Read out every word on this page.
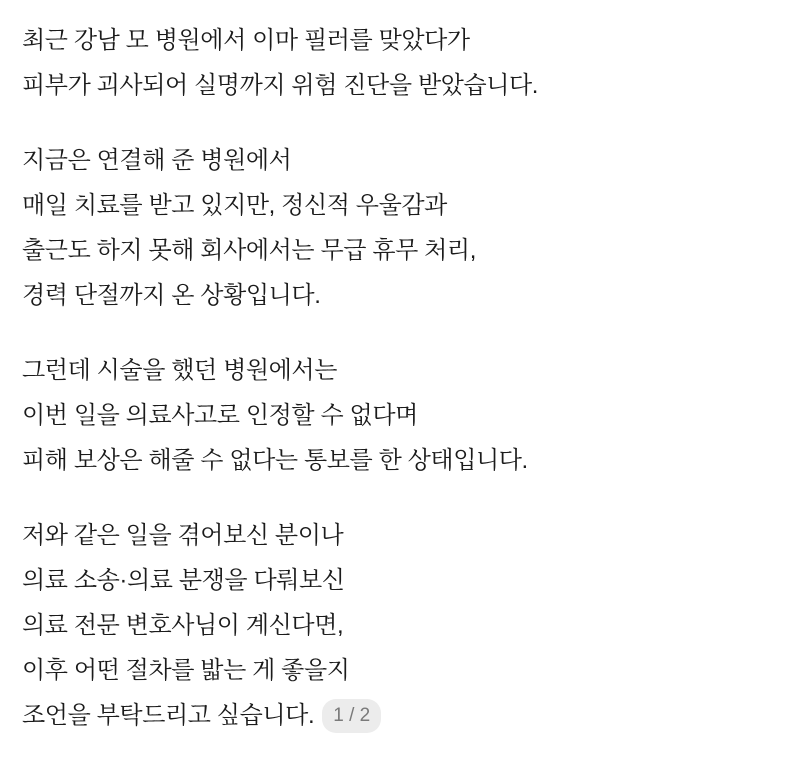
최근 강남 모 병원에서 이마 필러를 맞았다가
피부가 괴사되어 실명까지 위험 진단을 받았습니다.
지금은 연결해 준 병원에서
매일 치료를 받고 있지만, 정신적 우울감과
출근도 하지 못해 회사에서는 무급 휴무 처리,
경력 단절까지 온 상황입니다.
그런데 시술을 했던 병원에서는
이번 일을 의료사고로 인정할 수 없다며
피해 보상은 해줄 수 없다는 통보를 한 상태입니다.
저와 같은 일을 겪어보신 분이나
의료 소송·의료 분쟁을 다뤄보신
의료 전문 변호사님이 계신다면,
이후 어떤 절차를 밟는 게 좋을지
조언을 부탁드리고 싶습니다.	1 / 2
